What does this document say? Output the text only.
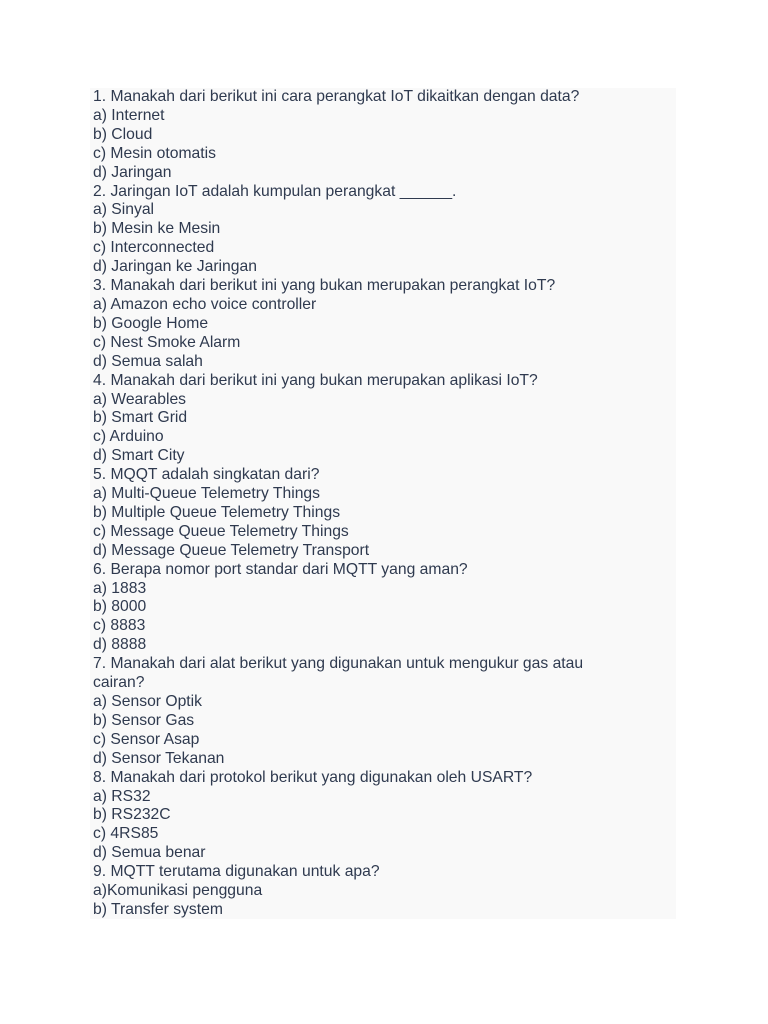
1. Manakah dari berikut ini cara perangkat IoT dikaitkan dengan data?
a) Internet
b) Cloud
c) Mesin otomatis
d) Jaringan
2. Jaringan IoT adalah kumpulan perangkat ______.
a) Sinyal
b) Mesin ke Mesin
c) Interconnected
d) Jaringan ke Jaringan
3. Manakah dari berikut ini yang bukan merupakan perangkat IoT?
a) Amazon echo voice controller
b) Google Home
c) Nest Smoke Alarm
d) Semua salah
4. Manakah dari berikut ini yang bukan merupakan aplikasi IoT?
a) Wearables
b) Smart Grid
c) Arduino
d) Smart City
5. MQQT adalah singkatan dari?
a) Multi-Queue Telemetry Things
b) Multiple Queue Telemetry Things
c) Message Queue Telemetry Things
d) Message Queue Telemetry Transport
6. Berapa nomor port standar dari MQTT yang aman?
a) 1883
b) 8000
c) 8883
d) 8888
7. Manakah dari alat berikut yang digunakan untuk mengukur gas atau
cairan?
a) Sensor Optik
b) Sensor Gas
c) Sensor Asap
d) Sensor Tekanan
8. Manakah dari protokol berikut yang digunakan oleh USART?
a) RS32
b) RS232C
c) 4RS85
d) Semua benar
9. MQTT terutama digunakan untuk apa?
a)Komunikasi pengguna
b) Transfer system
